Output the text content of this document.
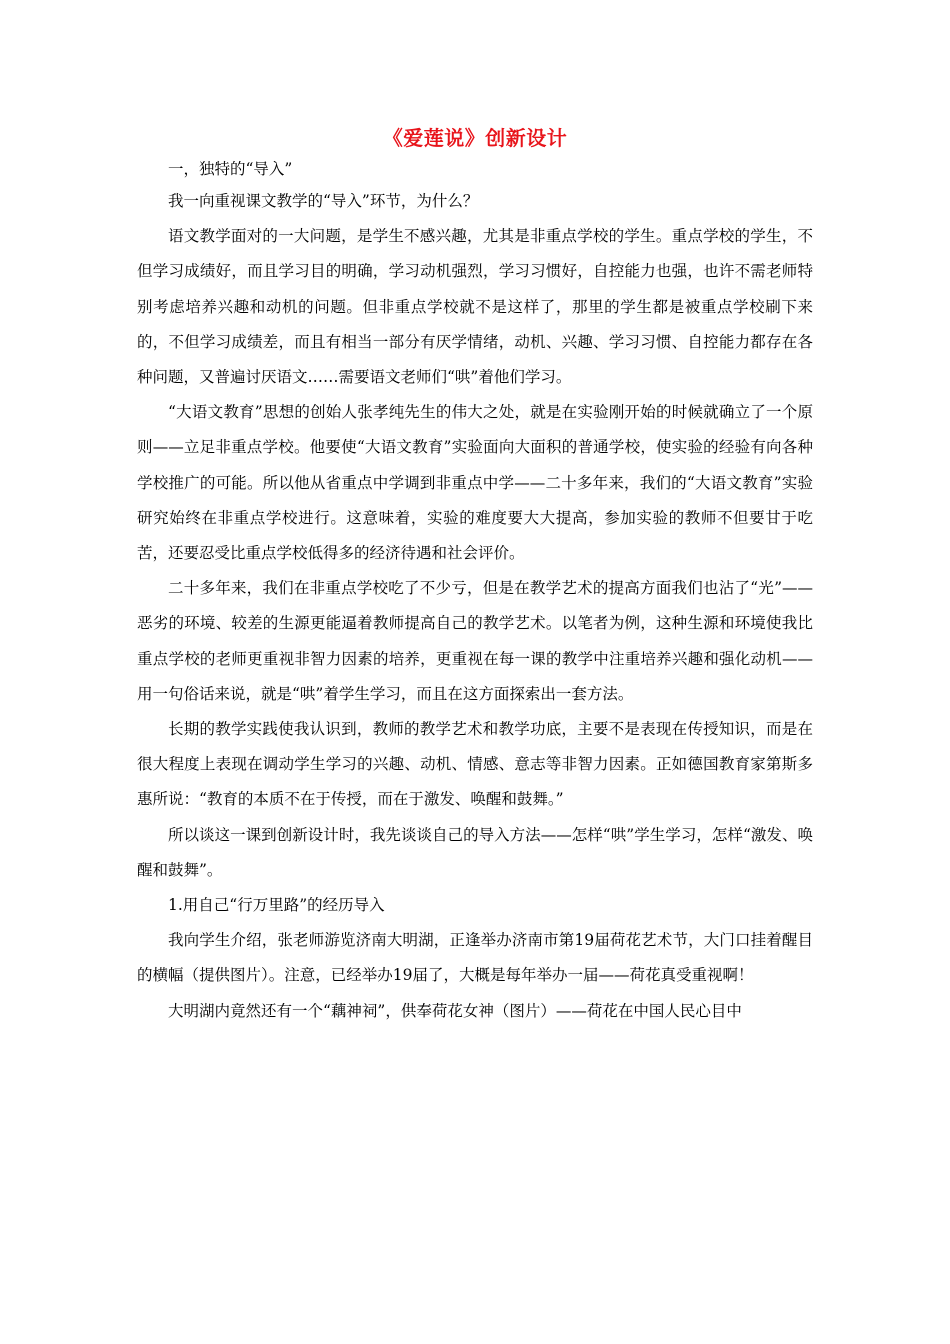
《爱莲说》创新设计

一，独特的“导入”

我一向重视课文教学的“导入”环节，为什么？

语文教学面对的一大问题，是学生不感兴趣，尤其是非重点学校的学生。重点学校的学生，不但学习成绩好，而且学习目的明确，学习动机强烈，学习习惯好，自控能力也强，也许不需老师特别考虑培养兴趣和动机的问题。但非重点学校就不是这样了，那里的学生都是被重点学校刷下来的，不但学习成绩差，而且有相当一部分有厌学情绪，动机、兴趣、学习习惯、自控能力都存在各种问题，又普遍讨厌语文……需要语文老师们“哄”着他们学习。

“大语文教育”思想的创始人张孝纯先生的伟大之处，就是在实验刚开始的时候就确立了一个原则——立足非重点学校。他要使“大语文教育”实验面向大面积的普通学校，使实验的经验有向各种学校推广的可能。所以他从省重点中学调到非重点中学——二十多年来，我们的“大语文教育”实验研究始终在非重点学校进行。这意味着，实验的难度要大大提高，参加实验的教师不但要甘于吃苦，还要忍受比重点学校低得多的经济待遇和社会评价。

二十多年来，我们在非重点学校吃了不少亏，但是在教学艺术的提高方面我们也沾了“光”——恶劣的环境、较差的生源更能逼着教师提高自己的教学艺术。以笔者为例，这种生源和环境使我比重点学校的老师更重视非智力因素的培养，更重视在每一课的教学中注重培养兴趣和强化动机——用一句俗话来说，就是“哄”着学生学习，而且在这方面探索出一套方法。

长期的教学实践使我认识到，教师的教学艺术和教学功底，主要不是表现在传授知识，而是在很大程度上表现在调动学生学习的兴趣、动机、情感、意志等非智力因素。正如德国教育家第斯多惠所说：“教育的本质不在于传授，而在于激发、唤醒和鼓舞。”

所以谈这一课到创新设计时，我先谈谈自己的导入方法——怎样“哄”学生学习，怎样“激发、唤醒和鼓舞”。

1.用自己“行万里路”的经历导入

我向学生介绍，张老师游览济南大明湖，正逢举办济南市第19届荷花艺术节，大门口挂着醒目的横幅（提供图片）。注意，已经举办19届了，大概是每年举办一届——荷花真受重视啊！

大明湖内竟然还有一个“藕神祠”，供奉荷花女神（图片）——荷花在中国人民心目中
